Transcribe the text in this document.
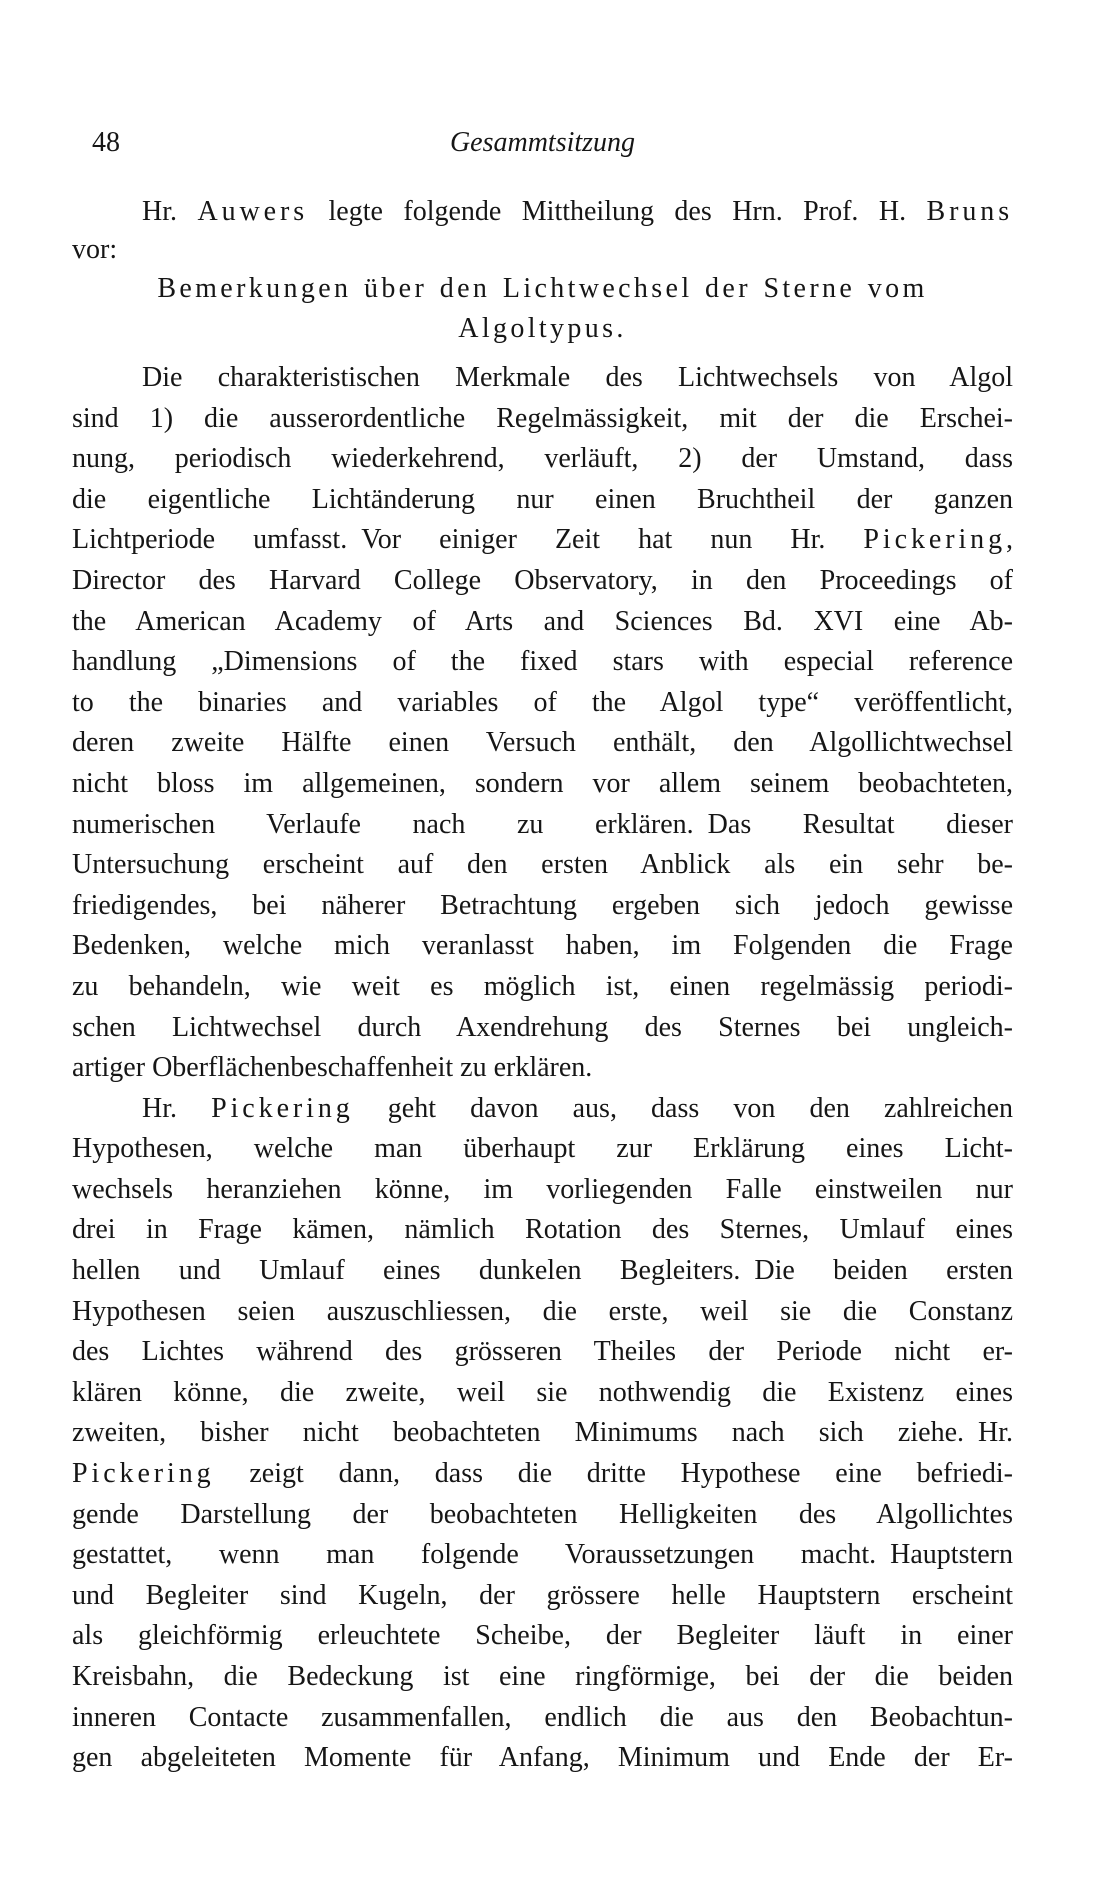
48	Gesammtsitzung
Hr. Auwers legte folgende Mittheilung des Hrn. Prof. H. Bruns
vor:
Bemerkungen über den Lichtwechsel der Sterne vom
Algoltypus.
Die charakteristischen Merkmale des Lichtwechsels von Algol
sind 1) die ausserordentliche Regelmässigkeit, mit der die Erschei-
nung, periodisch wiederkehrend, verläuft, 2) der Umstand, dass
die eigentliche Lichtänderung nur einen Bruchtheil der ganzen
Lichtperiode umfasst. Vor einiger Zeit hat nun Hr. Pickering,
Director des Harvard College Observatory, in den Proceedings of
the American Academy of Arts and Sciences Bd. XVI eine Ab-
handlung „Dimensions of the fixed stars with especial reference
to the binaries and variables of the Algol type“ veröffentlicht,
deren zweite Hälfte einen Versuch enthält, den Algollichtwechsel
nicht bloss im allgemeinen, sondern vor allem seinem beobachteten,
numerischen Verlaufe nach zu erklären. Das Resultat dieser
Untersuchung erscheint auf den ersten Anblick als ein sehr be-
friedigendes, bei näherer Betrachtung ergeben sich jedoch gewisse
Bedenken, welche mich veranlasst haben, im Folgenden die Frage
zu behandeln, wie weit es möglich ist, einen regelmässig periodi-
schen Lichtwechsel durch Axendrehung des Sternes bei ungleich-
artiger Oberflächenbeschaffenheit zu erklären.
Hr. Pickering geht davon aus, dass von den zahlreichen
Hypothesen, welche man überhaupt zur Erklärung eines Licht-
wechsels heranziehen könne, im vorliegenden Falle einstweilen nur
drei in Frage kämen, nämlich Rotation des Sternes, Umlauf eines
hellen und Umlauf eines dunkelen Begleiters. Die beiden ersten
Hypothesen seien auszuschliessen, die erste, weil sie die Constanz
des Lichtes während des grösseren Theiles der Periode nicht er-
klären könne, die zweite, weil sie nothwendig die Existenz eines
zweiten, bisher nicht beobachteten Minimums nach sich ziehe. Hr.
Pickering zeigt dann, dass die dritte Hypothese eine befriedi-
gende Darstellung der beobachteten Helligkeiten des Algollichtes
gestattet, wenn man folgende Voraussetzungen macht. Hauptstern
und Begleiter sind Kugeln, der grössere helle Hauptstern erscheint
als gleichförmig erleuchtete Scheibe, der Begleiter läuft in einer
Kreisbahn, die Bedeckung ist eine ringförmige, bei der die beiden
inneren Contacte zusammenfallen, endlich die aus den Beobachtun-
gen abgeleiteten Momente für Anfang, Minimum und Ende der Er-
